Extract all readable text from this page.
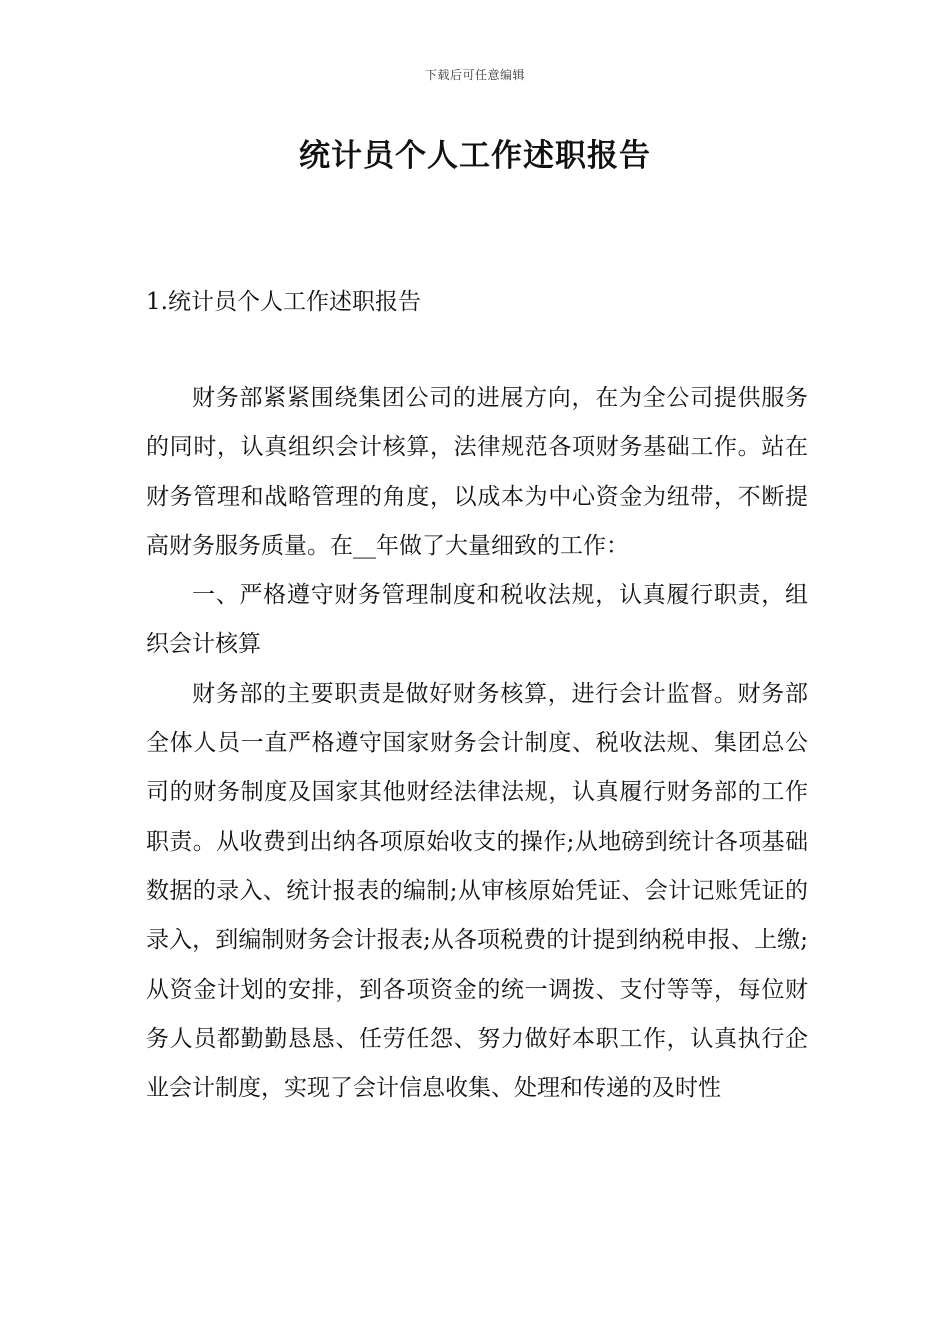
下载后可任意编辑
统计员个人工作述职报告
1.统计员个人工作述职报告

财务部紧紧围绕集团公司的进展方向，在为全公司提供服务的同时，认真组织会计核算，法律规范各项财务基础工作。站在财务管理和战略管理的角度，以成本为中心资金为纽带，不断提高财务服务质量。在__年做了大量细致的工作：

一、严格遵守财务管理制度和税收法规，认真履行职责，组织会计核算

财务部的主要职责是做好财务核算，进行会计监督。财务部全体人员一直严格遵守国家财务会计制度、税收法规、集团总公司的财务制度及国家其他财经法律法规，认真履行财务部的工作职责。从收费到出纳各项原始收支的操作;从地磅到统计各项基础数据的录入、统计报表的编制;从审核原始凭证、会计记账凭证的录入，到编制财务会计报表;从各项税费的计提到纳税申报、上缴;从资金计划的安排，到各项资金的统一调拨、支付等等，每位财务人员都勤勤恳恳、任劳任怨、努力做好本职工作，认真执行企业会计制度，实现了会计信息收集、处理和传递的及时性
